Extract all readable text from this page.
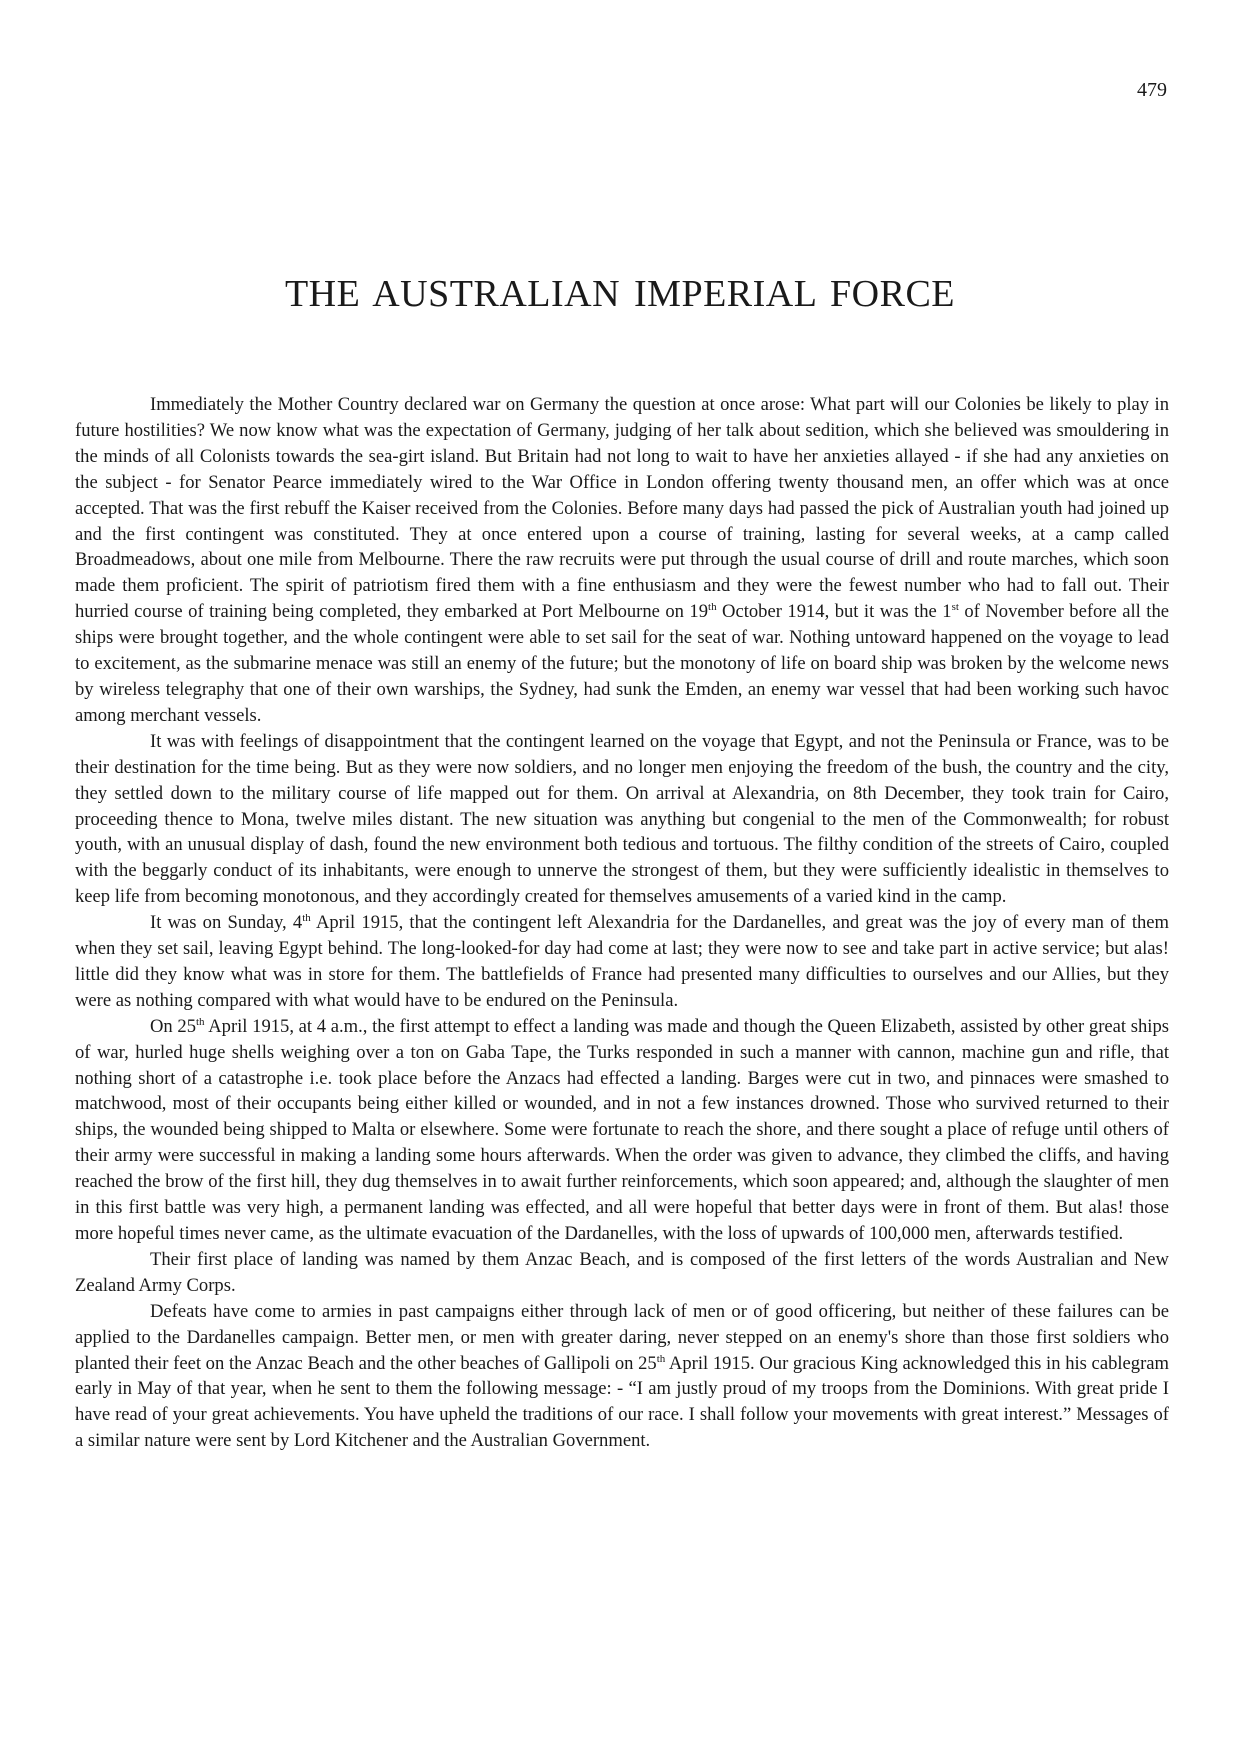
479
THE AUSTRALIAN IMPERIAL FORCE

Immediately the Mother Country declared war on Germany the question at once arose: What part will our Colonies be likely to play in future hostilities? We now know what was the expectation of Germany, judging of her talk about sedition, which she believed was smouldering in the minds of all Colonists towards the sea-girt island. But Britain had not long to wait to have her anxieties allayed - if she had any anxieties on the subject - for Senator Pearce immediately wired to the War Office in London offering twenty thousand men, an offer which was at once accepted. That was the first rebuff the Kaiser received from the Colonies. Before many days had passed the pick of Australian youth had joined up and the first contingent was constituted. They at once entered upon a course of training, lasting for several weeks, at a camp called Broadmeadows, about one mile from Melbourne. There the raw recruits were put through the usual course of drill and route marches, which soon made them proficient. The spirit of patriotism fired them with a fine enthusiasm and they were the fewest number who had to fall out. Their hurried course of training being completed, they embarked at Port Melbourne on 19th October 1914, but it was the 1st of November before all the ships were brought together, and the whole contingent were able to set sail for the seat of war. Nothing untoward happened on the voyage to lead to excitement, as the submarine menace was still an enemy of the future; but the monotony of life on board ship was broken by the welcome news by wireless telegraphy that one of their own warships, the Sydney, had sunk the Emden, an enemy war vessel that had been working such havoc among merchant vessels.

It was with feelings of disappointment that the contingent learned on the voyage that Egypt, and not the Peninsula or France, was to be their destination for the time being. But as they were now soldiers, and no longer men enjoying the freedom of the bush, the country and the city, they settled down to the military course of life mapped out for them. On arrival at Alexandria, on 8th December, they took train for Cairo, proceeding thence to Mona, twelve miles distant. The new situation was anything but congenial to the men of the Commonwealth; for robust youth, with an unusual display of dash, found the new environment both tedious and tortuous. The filthy condition of the streets of Cairo, coupled with the beggarly conduct of its inhabitants, were enough to unnerve the strongest of them, but they were sufficiently idealistic in themselves to keep life from becoming monotonous, and they accordingly created for themselves amusements of a varied kind in the camp.

It was on Sunday, 4th April 1915, that the contingent left Alexandria for the Dardanelles, and great was the joy of every man of them when they set sail, leaving Egypt behind. The long-looked-for day had come at last; they were now to see and take part in active service; but alas! little did they know what was in store for them. The battlefields of France had presented many difficulties to ourselves and our Allies, but they were as nothing compared with what would have to be endured on the Peninsula.

On 25th April 1915, at 4 a.m., the first attempt to effect a landing was made and though the Queen Elizabeth, assisted by other great ships of war, hurled huge shells weighing over a ton on Gaba Tape, the Turks responded in such a manner with cannon, machine gun and rifle, that nothing short of a catastrophe i.e. took place before the Anzacs had effected a landing. Barges were cut in two, and pinnaces were smashed to matchwood, most of their occupants being either killed or wounded, and in not a few instances drowned. Those who survived returned to their ships, the wounded being shipped to Malta or elsewhere. Some were fortunate to reach the shore, and there sought a place of refuge until others of their army were successful in making a landing some hours afterwards. When the order was given to advance, they climbed the cliffs, and having reached the brow of the first hill, they dug themselves in to await further reinforcements, which soon appeared; and, although the slaughter of men in this first battle was very high, a permanent landing was effected, and all were hopeful that better days were in front of them. But alas! those more hopeful times never came, as the ultimate evacuation of the Dardanelles, with the loss of upwards of 100,000 men, afterwards testified.

Their first place of landing was named by them Anzac Beach, and is composed of the first letters of the words Australian and New Zealand Army Corps.

Defeats have come to armies in past campaigns either through lack of men or of good officering, but neither of these failures can be applied to the Dardanelles campaign. Better men, or men with greater daring, never stepped on an enemy's shore than those first soldiers who planted their feet on the Anzac Beach and the other beaches of Gallipoli on 25th April 1915. Our gracious King acknowledged this in his cablegram early in May of that year, when he sent to them the following message: - “I am justly proud of my troops from the Dominions. With great pride I have read of your great achievements. You have upheld the traditions of our race. I shall follow your movements with great interest.” Messages of a similar nature were sent by Lord Kitchener and the Australian Government.
